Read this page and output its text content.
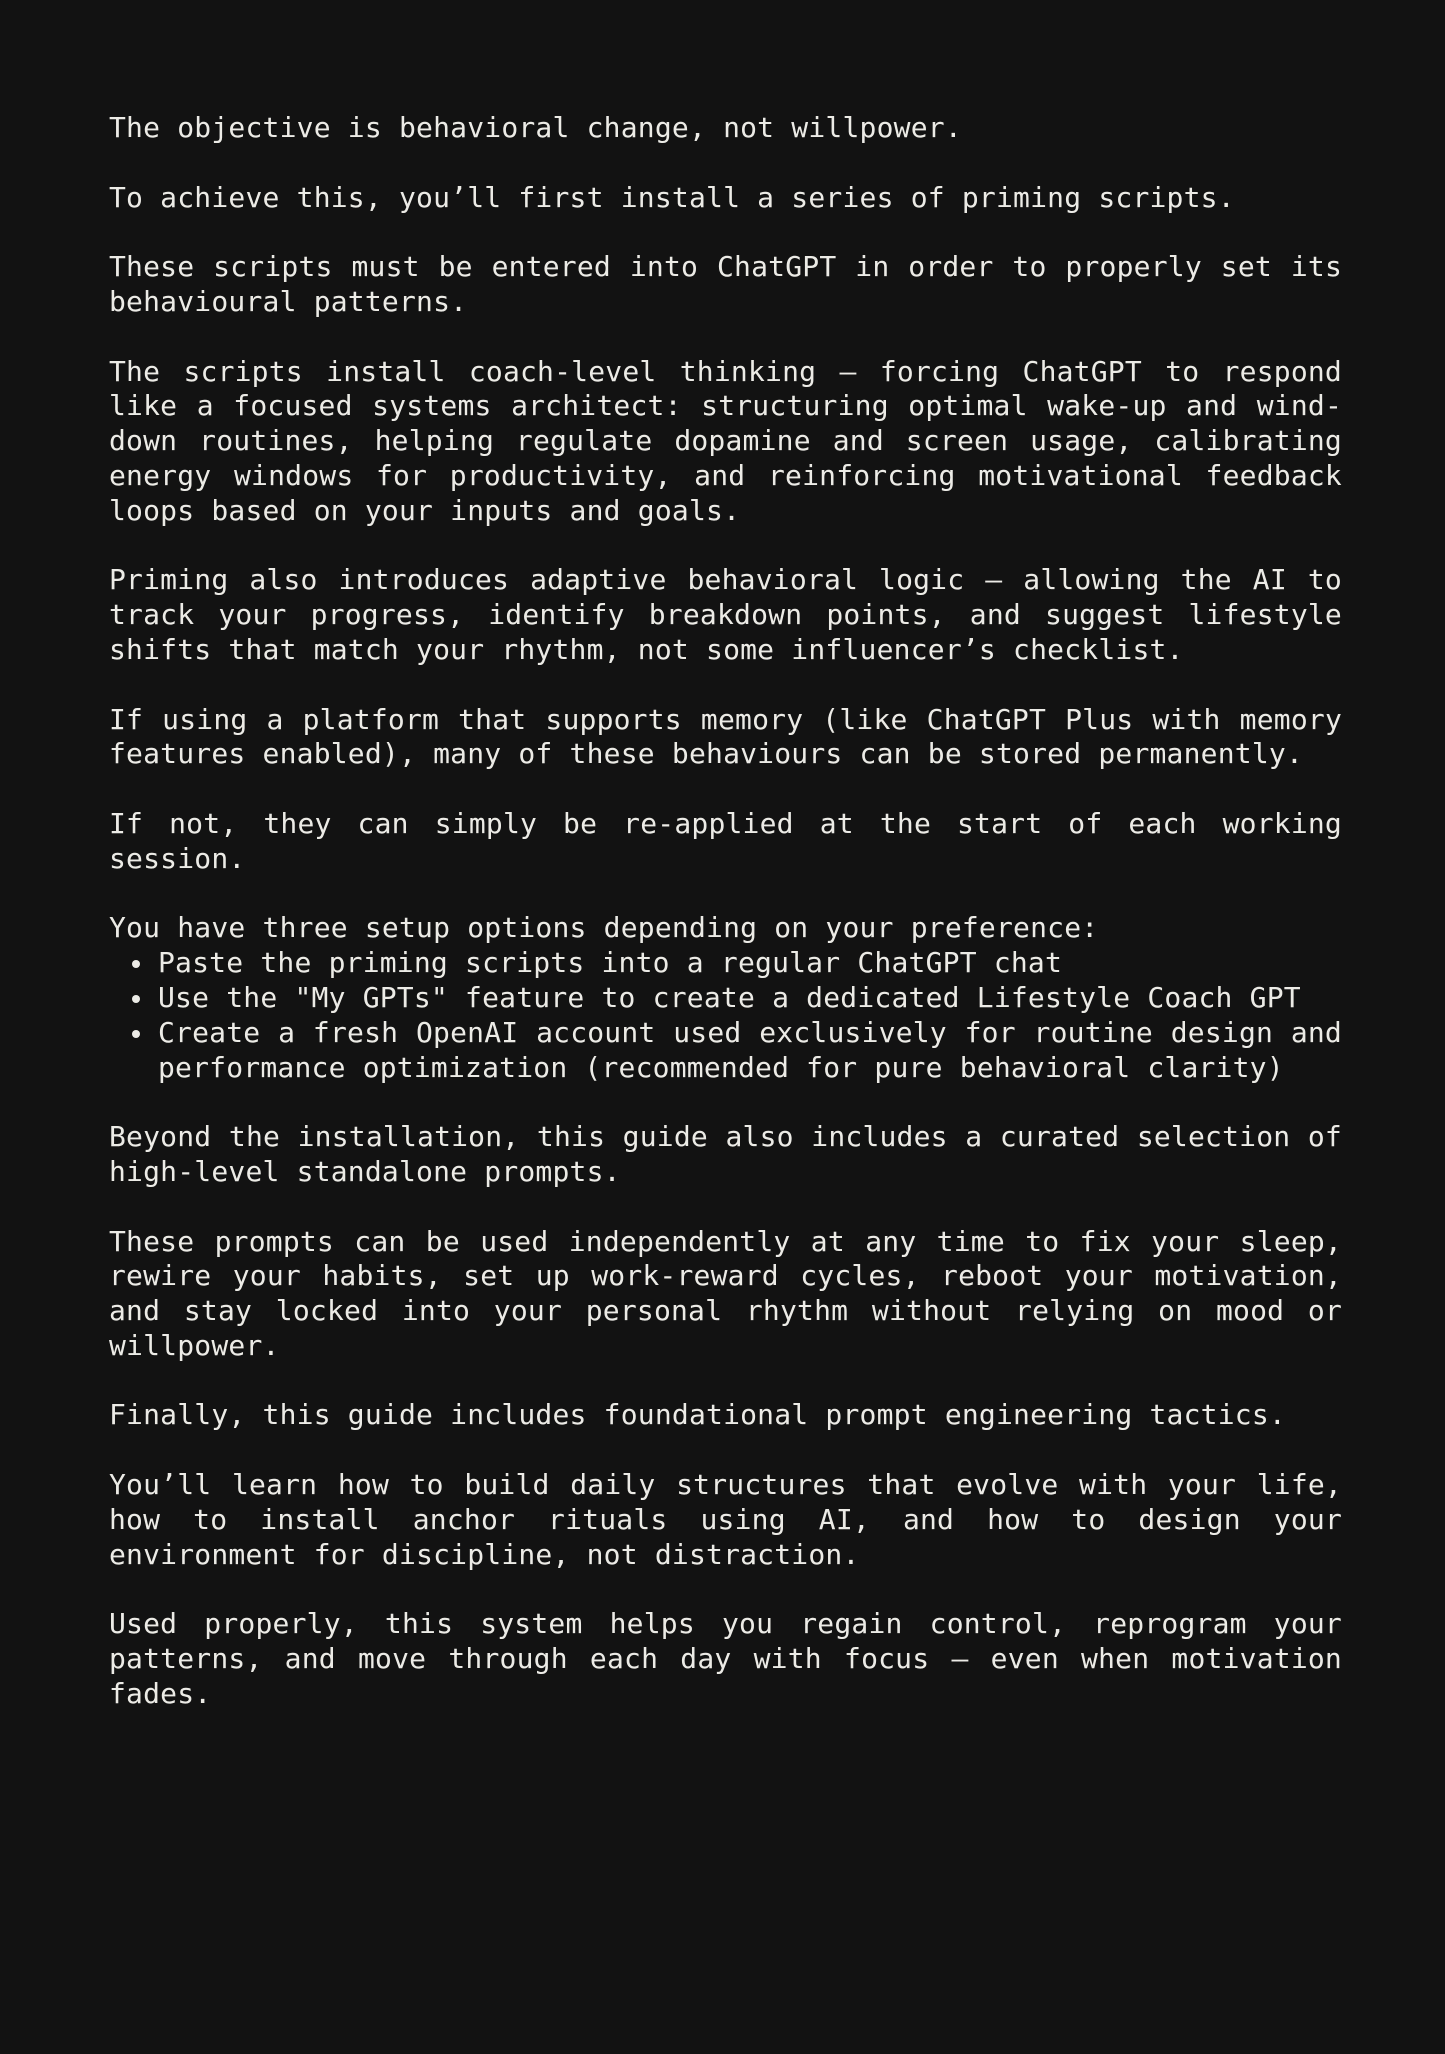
The objective is behavioral change, not willpower.

To achieve this, you’ll first install a series of priming scripts.

These scripts must be entered into ChatGPT in order to properly set its behavioural patterns.

The scripts install coach-level thinking — forcing ChatGPT to respond like a focused systems architect: structuring optimal wake-up and wind-down routines, helping regulate dopamine and screen usage, calibrating energy windows for productivity, and reinforcing motivational feedback loops based on your inputs and goals.

Priming also introduces adaptive behavioral logic — allowing the AI to track your progress, identify breakdown points, and suggest lifestyle shifts that match your rhythm, not some influencer’s checklist.

If using a platform that supports memory (like ChatGPT Plus with memory features enabled), many of these behaviours can be stored permanently.

If not, they can simply be re-applied at the start of each working session.

You have three setup options depending on your preference:

Paste the priming scripts into a regular ChatGPT chat
Use the "My GPTs" feature to create a dedicated Lifestyle Coach GPT
Create a fresh OpenAI account used exclusively for routine design and performance optimization (recommended for pure behavioral clarity)

Beyond the installation, this guide also includes a curated selection of high-level standalone prompts.

These prompts can be used independently at any time to fix your sleep, rewire your habits, set up work-reward cycles, reboot your motivation, and stay locked into your personal rhythm without relying on mood or willpower.

Finally, this guide includes foundational prompt engineering tactics.

You’ll learn how to build daily structures that evolve with your life, how to install anchor rituals using AI, and how to design your environment for discipline, not distraction.

Used properly, this system helps you regain control, reprogram your patterns, and move through each day with focus — even when motivation fades.
